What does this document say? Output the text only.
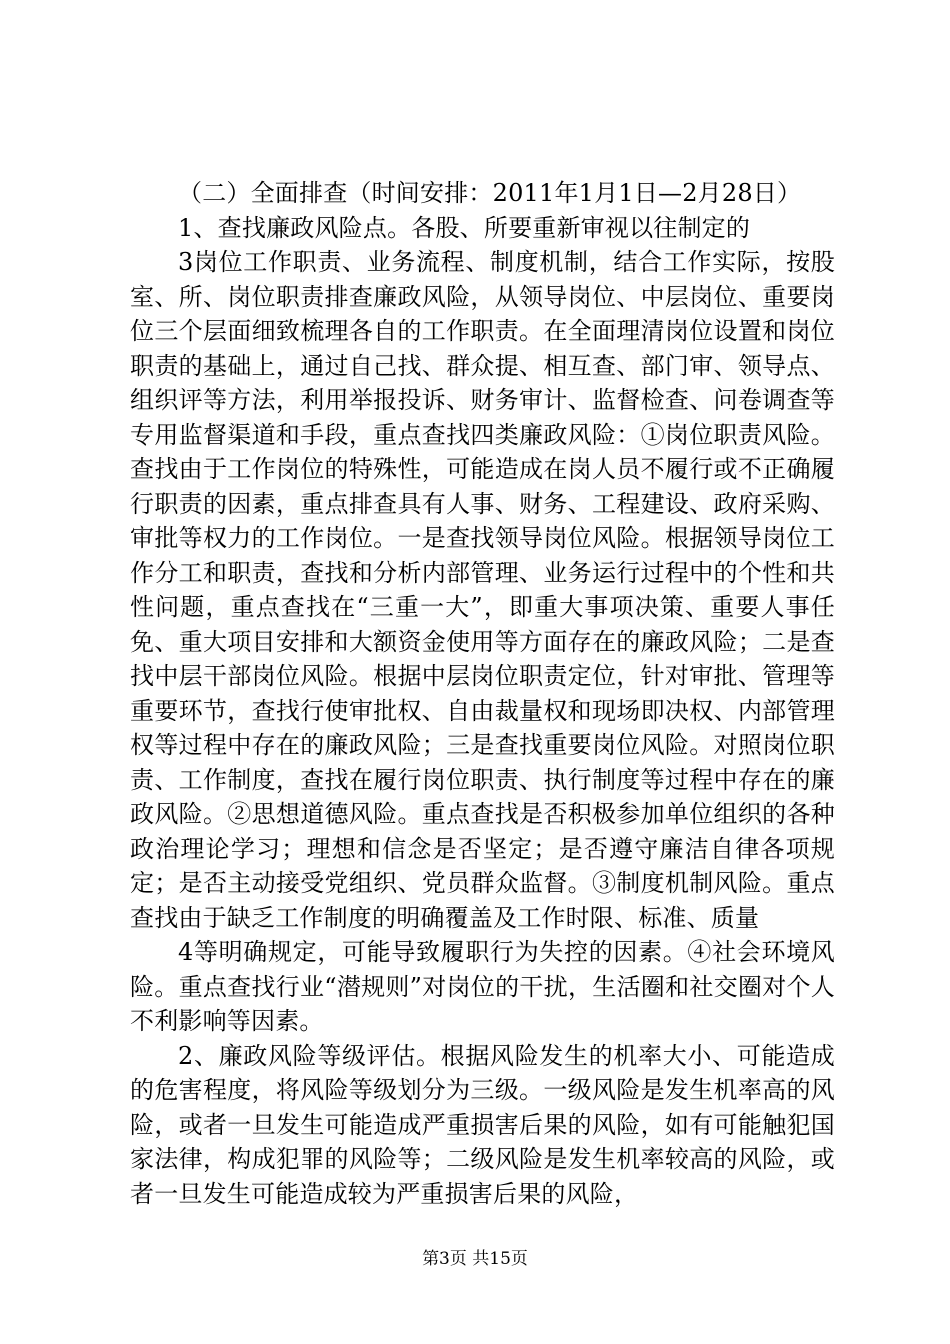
（二）全面排查（时间安排：2011年1月1日—2月28日）

1、查找廉政风险点。各股、所要重新审视以往制定的

3岗位工作职责、业务流程、制度机制，结合工作实际，按股室、所、岗位职责排查廉政风险，从领导岗位、中层岗位、重要岗位三个层面细致梳理各自的工作职责。在全面理清岗位设置和岗位职责的基础上，通过自己找、群众提、相互查、部门审、领导点、组织评等方法，利用举报投诉、财务审计、监督检查、问卷调查等专用监督渠道和手段，重点查找四类廉政风险：①岗位职责风险。查找由于工作岗位的特殊性，可能造成在岗人员不履行或不正确履行职责的因素，重点排查具有人事、财务、工程建设、政府采购、审批等权力的工作岗位。一是查找领导岗位风险。根据领导岗位工作分工和职责，查找和分析内部管理、业务运行过程中的个性和共性问题，重点查找在“三重一大”，即重大事项决策、重要人事任免、重大项目安排和大额资金使用等方面存在的廉政风险；二是查找中层干部岗位风险。根据中层岗位职责定位，针对审批、管理等重要环节，查找行使审批权、自由裁量权和现场即决权、内部管理权等过程中存在的廉政风险；三是查找重要岗位风险。对照岗位职责、工作制度，查找在履行岗位职责、执行制度等过程中存在的廉政风险。②思想道德风险。重点查找是否积极参加单位组织的各种政治理论学习；理想和信念是否坚定；是否遵守廉洁自律各项规定；是否主动接受党组织、党员群众监督。③制度机制风险。重点查找由于缺乏工作制度的明确覆盖及工作时限、标准、质量

4等明确规定，可能导致履职行为失控的因素。④社会环境风险。重点查找行业“潜规则”对岗位的干扰，生活圈和社交圈对个人不利影响等因素。

2、廉政风险等级评估。根据风险发生的机率大小、可能造成的危害程度，将风险等级划分为三级。一级风险是发生机率高的风险，或者一旦发生可能造成严重损害后果的风险，如有可能触犯国家法律，构成犯罪的风险等；二级风险是发生机率较高的风险，或者一旦发生可能造成较为严重损害后果的风险，

第3页 共15页
